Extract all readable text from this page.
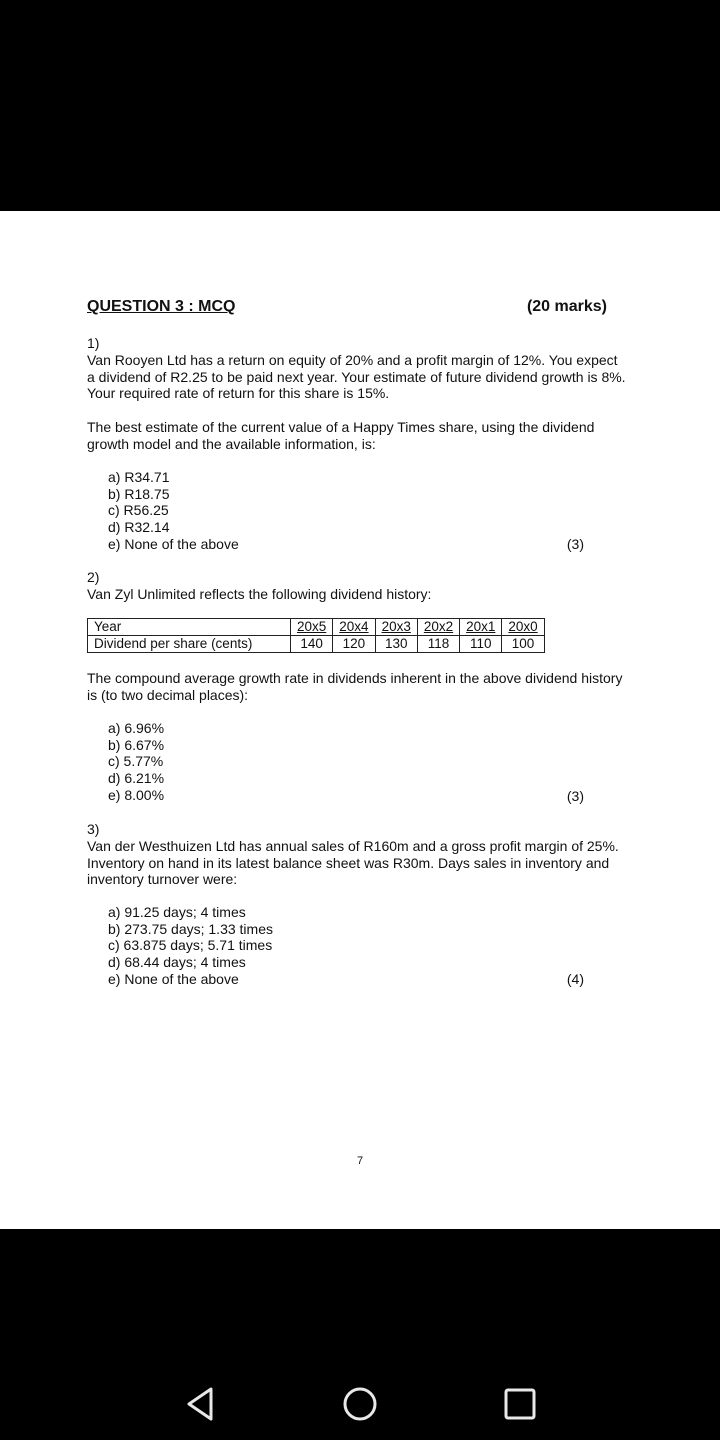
QUESTION 3 : MCQ	(20 marks)
1)
Van Rooyen Ltd has a return on equity of 20% and a profit margin of 12%. You expect a dividend of R2.25 to be paid next year. Your estimate of future dividend growth is 8%. Your required rate of return for this share is 15%.
The best estimate of the current value of a Happy Times share, using the dividend growth model and the available information, is:
a) R34.71
b) R18.75
c) R56.25
d) R32.14
e) None of the above	(3)
2)
Van Zyl Unlimited reflects the following dividend history:
Year	20x5	20x4	20x3	20x2	20x1	20x0
Dividend per share (cents)	140	120	130	118	110	100
The compound average growth rate in dividends inherent in the above dividend history is (to two decimal places):
a) 6.96%
b) 6.67%
c) 5.77%
d) 6.21%
e) 8.00%	(3)
3)
Van der Westhuizen Ltd has annual sales of R160m and a gross profit margin of 25%. Inventory on hand in its latest balance sheet was R30m. Days sales in inventory and inventory turnover were:
a) 91.25 days; 4 times
b) 273.75 days; 1.33 times
c) 63.875 days; 5.71 times
d) 68.44 days; 4 times
e) None of the above	(4)
7
